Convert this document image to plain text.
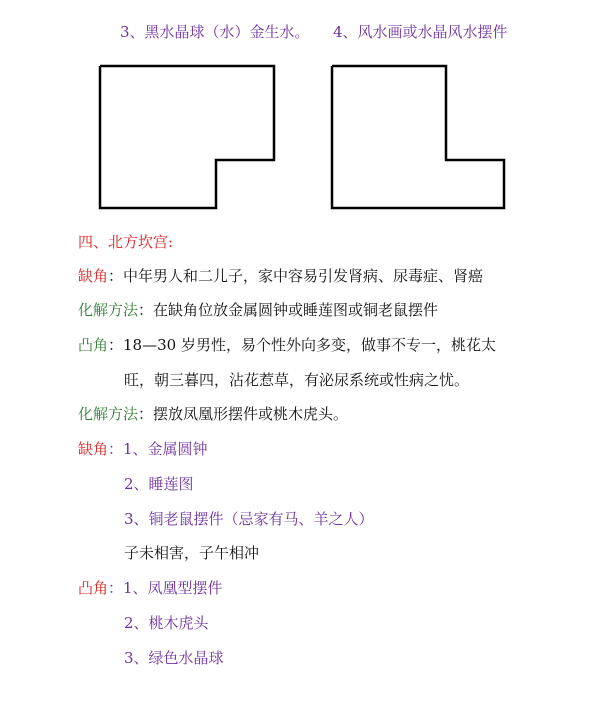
3、黑水晶球（水）金生水。 4、风水画或水晶风水摆件
四、北方坎宫:
缺角：中年男人和二儿子，家中容易引发肾病、尿毒症、肾癌
化解方法：在缺角位放金属圆钟或睡莲图或铜老鼠摆件
凸角：18—30 岁男性，易个性外向多变，做事不专一，桃花太
旺，朝三暮四，沾花惹草，有泌尿系统或性病之忧。
化解方法：摆放凤凰形摆件或桃木虎头。
缺角：1、金属圆钟
2、睡莲图
3、铜老鼠摆件（忌家有马、羊之人）
子未相害，子午相冲
凸角：1、凤凰型摆件
2、桃木虎头
3、绿色水晶球
